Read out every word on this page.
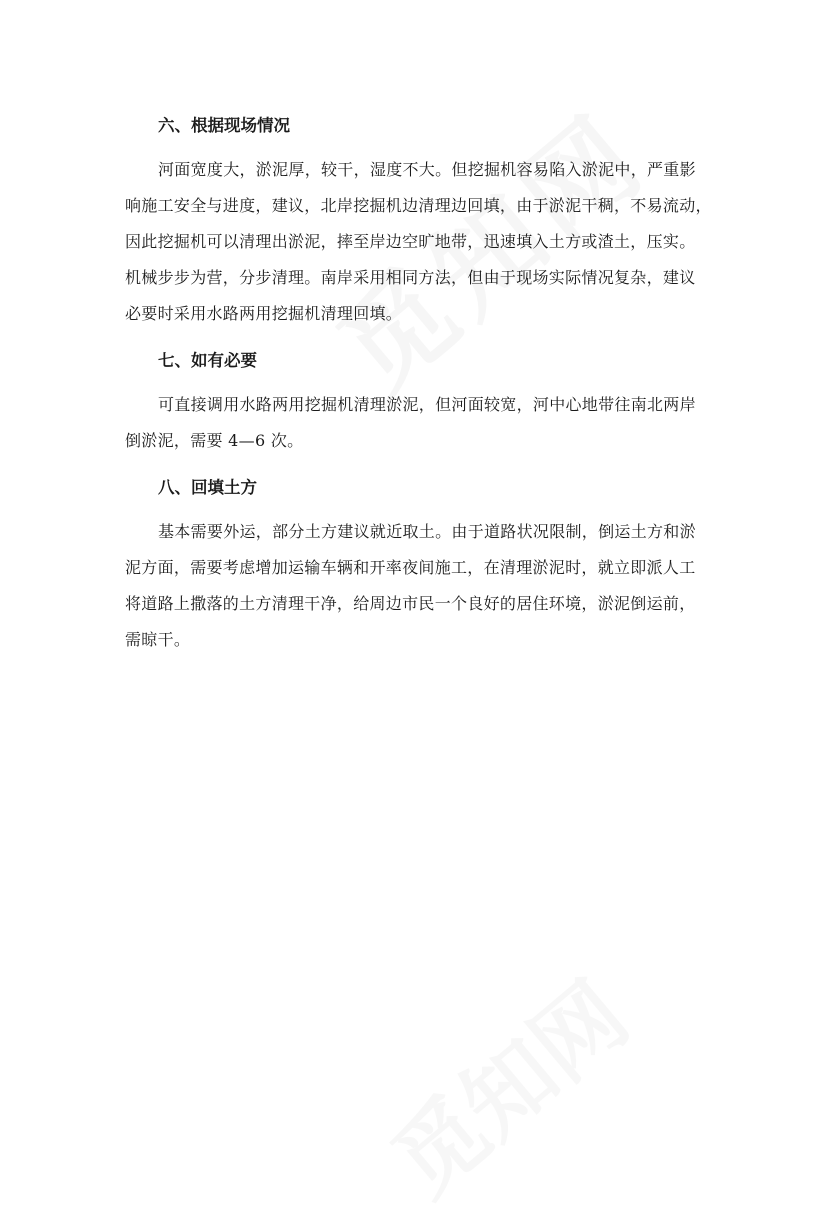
六、根据现场情况

河面宽度大，淤泥厚，较干，湿度不大。但挖掘机容易陷入淤泥中，严重影
响施工安全与进度，建议，北岸挖掘机边清理边回填，由于淤泥干稠，不易流动，
因此挖掘机可以清理出淤泥，摔至岸边空旷地带，迅速填入土方或渣土，压实。
机械步步为营，分步清理。南岸采用相同方法，但由于现场实际情况复杂，建议
必要时采用水路两用挖掘机清理回填。

七、如有必要

可直接调用水路两用挖掘机清理淤泥，但河面较宽，河中心地带往南北两岸
倒淤泥，需要 4—6 次。

八、回填土方

基本需要外运，部分土方建议就近取土。由于道路状况限制，倒运土方和淤
泥方面，需要考虑增加运输车辆和开率夜间施工，在清理淤泥时，就立即派人工
将道路上撒落的土方清理干净，给周边市民一个良好的居住环境，淤泥倒运前，
需晾干。
